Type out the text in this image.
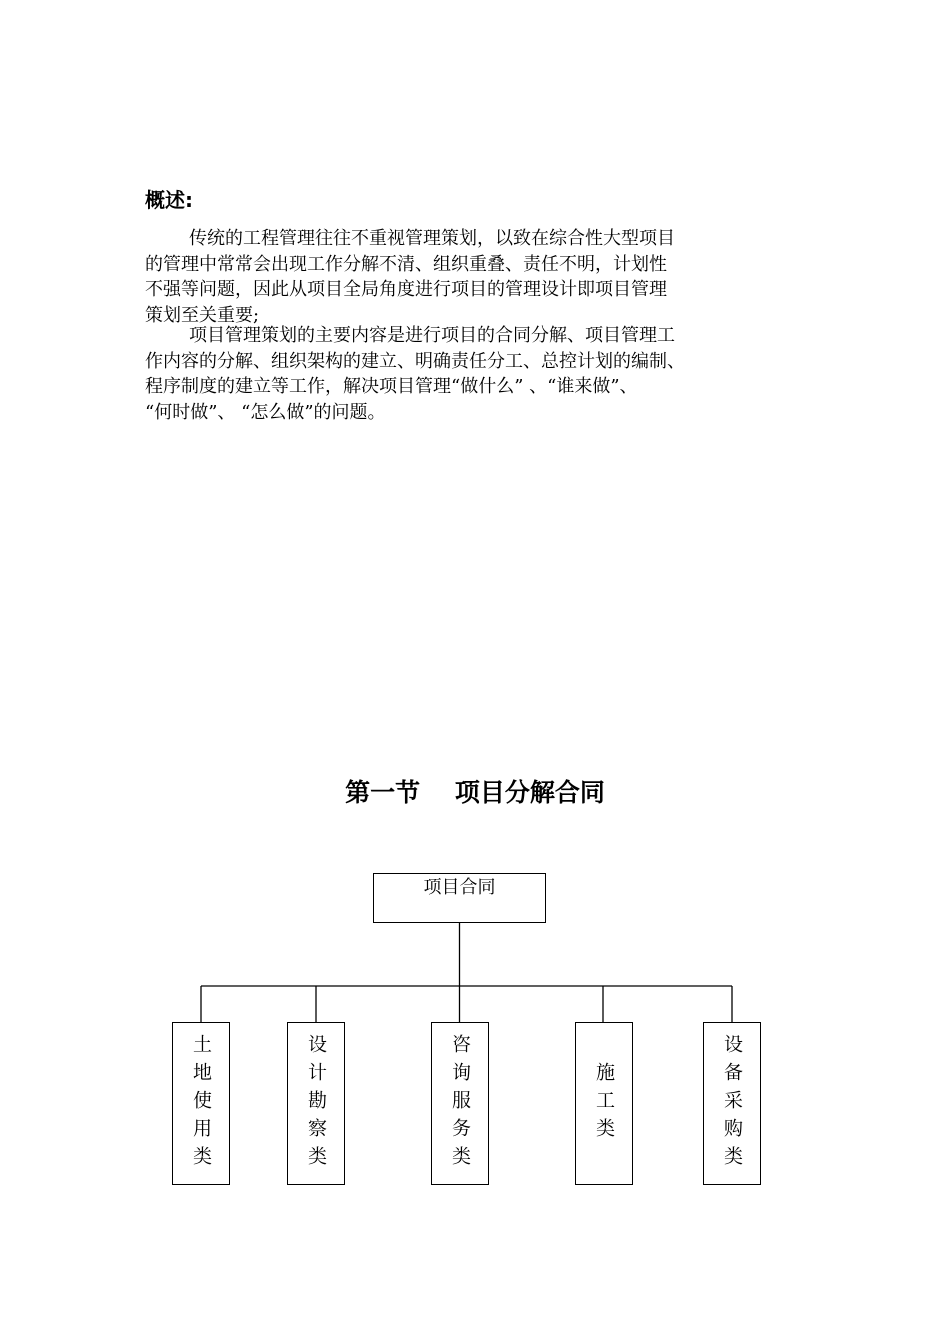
概述:
传统的工程管理往往不重视管理策划，以致在综合性大型项目
的管理中常常会出现工作分解不清、组织重叠、责任不明，计划性
不强等问题，因此从项目全局角度进行项目的管理设计即项目管理
策划至关重要;
项目管理策划的主要内容是进行项目的合同分解、项目管理工
作内容的分解、组织架构的建立、明确责任分工、总控计划的编制、
程序制度的建立等工作，解决项目管理“做什么” 、“谁来做”、
“何时做”、 “怎么做”的问题。
第一节    项目分解合同
项目合同
土地使用类	设计勘察类	咨询服务类	施工类	设备采购类
